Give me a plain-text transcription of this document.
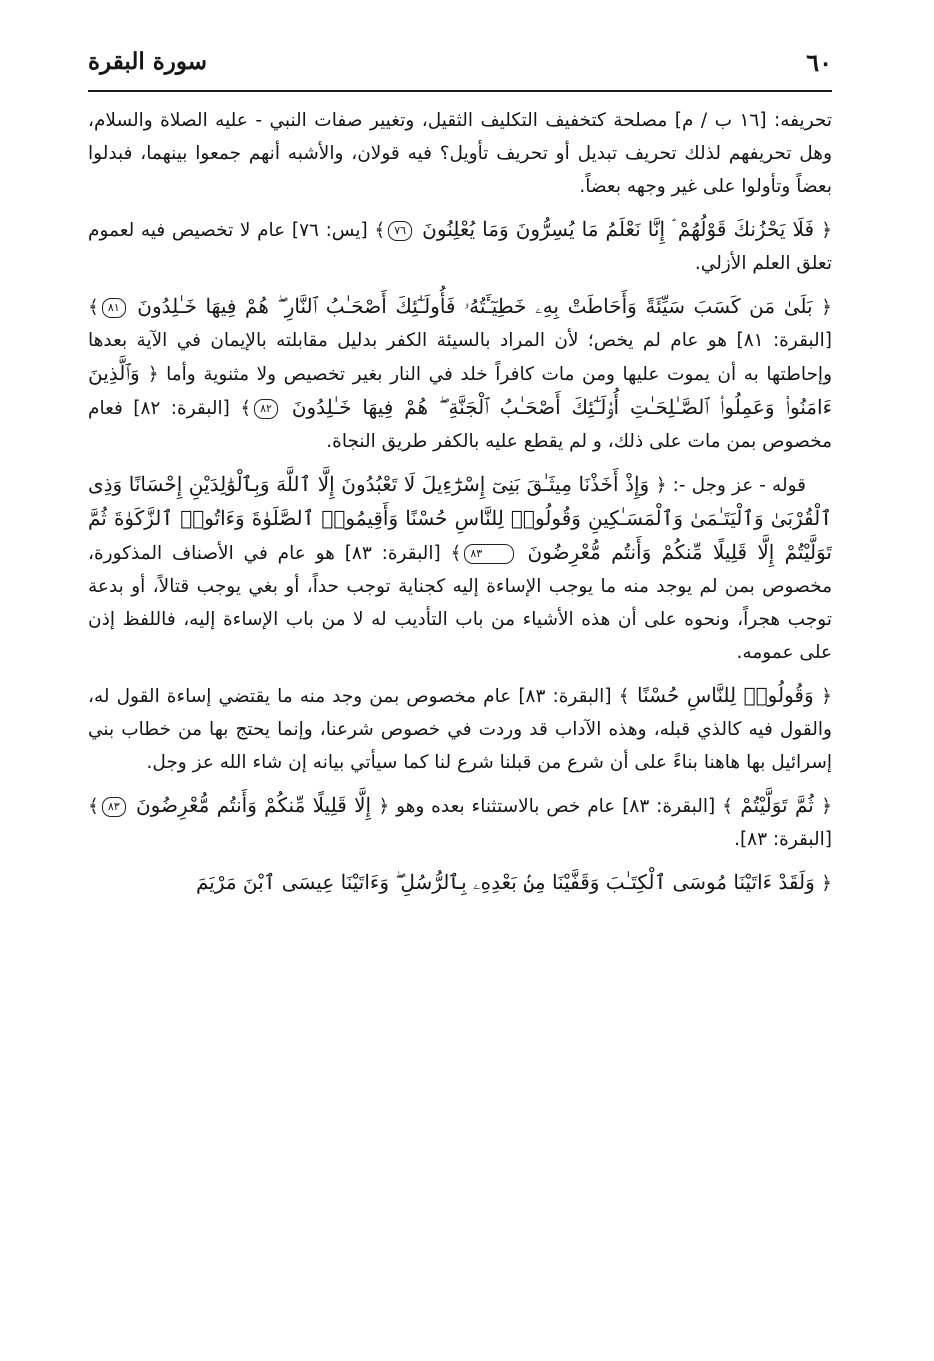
٦٠
سورة البقرة

تحريفه: [١٦ ب / م] مصلحة كتخفيف التكليف الثقيل، وتغيير صفات النبي - عليه الصلاة والسلام، وهل تحريفهم لذلك تحريف تبديل أو تحريف تأويل؟ فيه قولان، والأشبه أنهم جمعوا بينهما، فبدلوا بعضاً وتأولوا على غير وجهه بعضاً.

﴿ فَلَا يَحْزُنكَ قَوْلُهُمْ ۘ إِنَّا نَعْلَمُ مَا يُسِرُّونَ وَمَا يُعْلِنُونَ ٧٦﴾ [يس: ٧٦] عام لا تخصيص فيه لعموم تعلق العلم الأزلي.

﴿ بَلَىٰ مَن كَسَبَ سَيِّئَةً وَأَحَاطَتْ بِهِۦ خَطِيٓـَٔتُهُۥ فَأُولَـٰٓئِكَ أَصْحَـٰبُ ٱلنَّارِ ۖ هُمْ فِيهَا خَـٰلِدُونَ ٨١﴾ [البقرة: ٨١] هو عام لم يخص؛ لأن المراد بالسيئة الكفر بدليل مقابلته بالإيمان في الآية بعدها وإحاطتها به أن يموت عليها ومن مات كافراً خلد في النار بغير تخصيص ولا مثنوية وأما ﴿ وَٱلَّذِينَ ءَامَنُوا۟ وَعَمِلُوا۟ ٱلصَّـٰلِحَـٰتِ أُو۟لَـٰٓئِكَ أَصْحَـٰبُ ٱلْجَنَّةِ ۖ هُمْ فِيهَا خَـٰلِدُونَ ٨٢﴾ [البقرة: ٨٢] فعام مخصوص بمن مات على ذلك، و لم يقطع عليه بالكفر طريق النجاة.

قوله - عز وجل -: ﴿ وَإِذْ أَخَذْنَا مِيثَـٰقَ بَنِىٓ إِسْرَٰٓءِيلَ لَا تَعْبُدُونَ إِلَّا ٱللَّهَ وَبِٱلْوَٰلِدَيْنِ إِحْسَانًا وَذِى ٱلْقُرْبَىٰ وَٱلْيَتَـٰمَىٰ وَٱلْمَسَـٰكِينِ وَقُولُوا۟ لِلنَّاسِ حُسْنًا وَأَقِيمُوا۟ ٱلصَّلَوٰةَ وَءَاتُوا۟ ٱلزَّكَوٰةَ ثُمَّ تَوَلَّيْتُمْ إِلَّا قَلِيلًا مِّنكُمْ وَأَنتُم مُّعْرِضُونَ ٨٣﴾ [البقرة: ٨٣] هو عام في الأصناف المذكورة، مخصوص بمن لم يوجد منه ما يوجب الإساءة إليه كجناية توجب حداً، أو بغي يوجب قتالاً، أو بدعة توجب هجراً، ونحوه على أن هذه الأشياء من باب التأديب له لا من باب الإساءة إليه، فاللفظ إذن على عمومه.

﴿ وَقُولُوا۟ لِلنَّاسِ حُسْنًا ﴾ [البقرة: ٨٣] عام مخصوص بمن وجد منه ما يقتضي إساءة القول له، والقول فيه كالذي قبله، وهذه الآداب قد وردت في خصوص شرعنا، وإنما يحتج بها من خطاب بني إسرائيل بها هاهنا بناءً على أن شرع من قبلنا شرع لنا كما سيأتي بيانه إن شاء الله عز وجل.

﴿ ثُمَّ تَوَلَّيْتُمْ ﴾ [البقرة: ٨٣] عام خص بالاستثناء بعده وهو ﴿ إِلَّا قَلِيلًا مِّنكُمْ وَأَنتُم مُّعْرِضُونَ ٨٣﴾ [البقرة: ٨٣].

﴿ وَلَقَدْ ءَاتَيْنَا مُوسَى ٱلْكِتَـٰبَ وَقَفَّيْنَا مِنۢ بَعْدِهِۦ بِٱلرُّسُلِ ۖ وَءَاتَيْنَا عِيسَى ٱبْنَ مَرْيَمَ
